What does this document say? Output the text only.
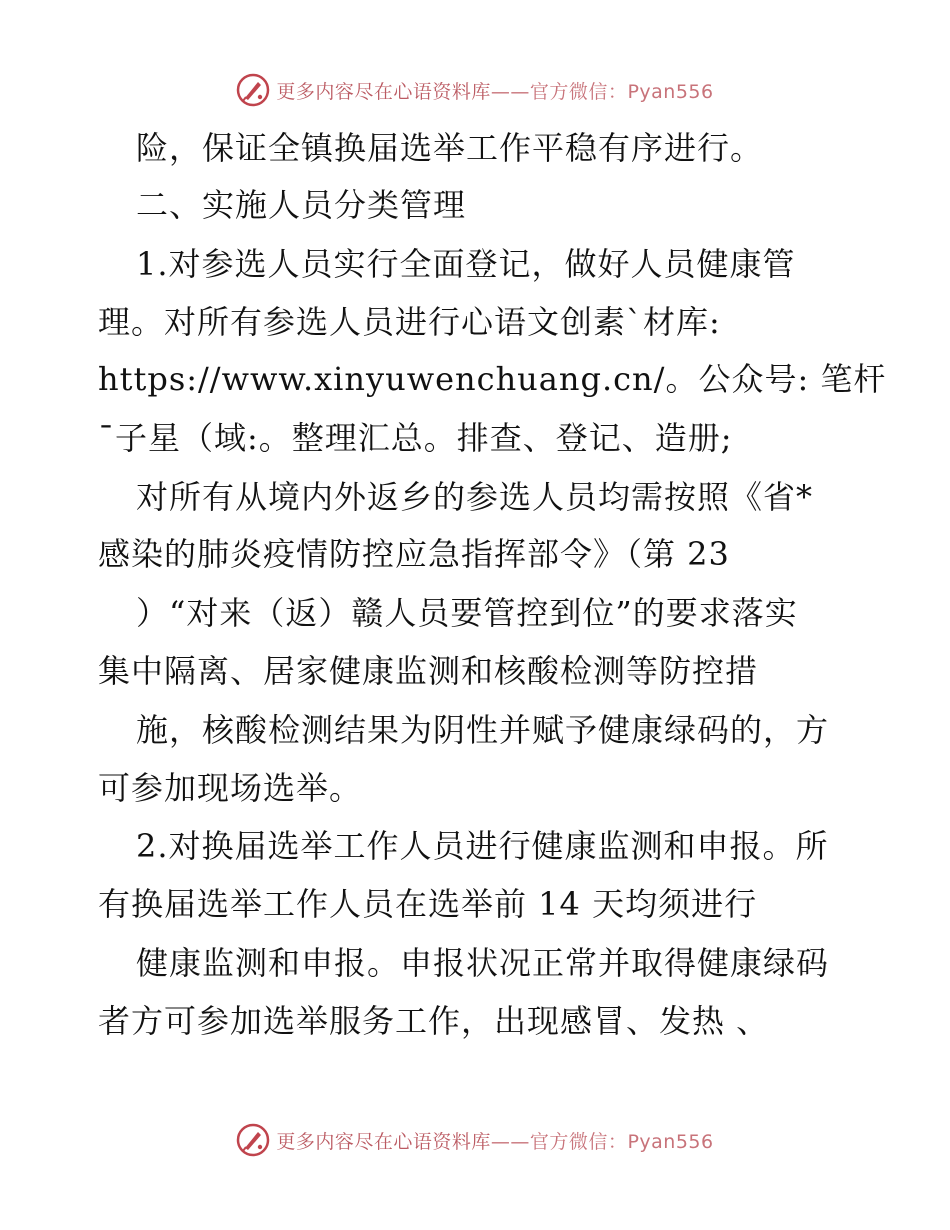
更多内容尽在心语资料库——官方微信：Pyan556
险，保证全镇换届选举工作平稳有序进行。
二、实施人员分类管理
1.对参选人员实行全面登记，做好人员健康管
理。对所有参选人员进行心语文创素`材库:
https://www.xinyuwenchuang.cn/。公众号: 笔杆
¯子星（域:。整理汇总。排查、登记、造册;
对所有从境内外返乡的参选人员均需按照《省*
感染的肺炎疫情防控应急指挥部令》（第 23
）“对来（返）赣人员要管控到位”的要求落实
集中隔离、居家健康监测和核酸检测等防控措
施，核酸检测结果为阴性并赋予健康绿码的，方
可参加现场选举。
2.对换届选举工作人员进行健康监测和申报。所
有换届选举工作人员在选举前 14 天均须进行
健康监测和申报。申报状况正常并取得健康绿码
者方可参加选举服务工作，出现感冒、发热 、
更多内容尽在心语资料库——官方微信：Pyan556
